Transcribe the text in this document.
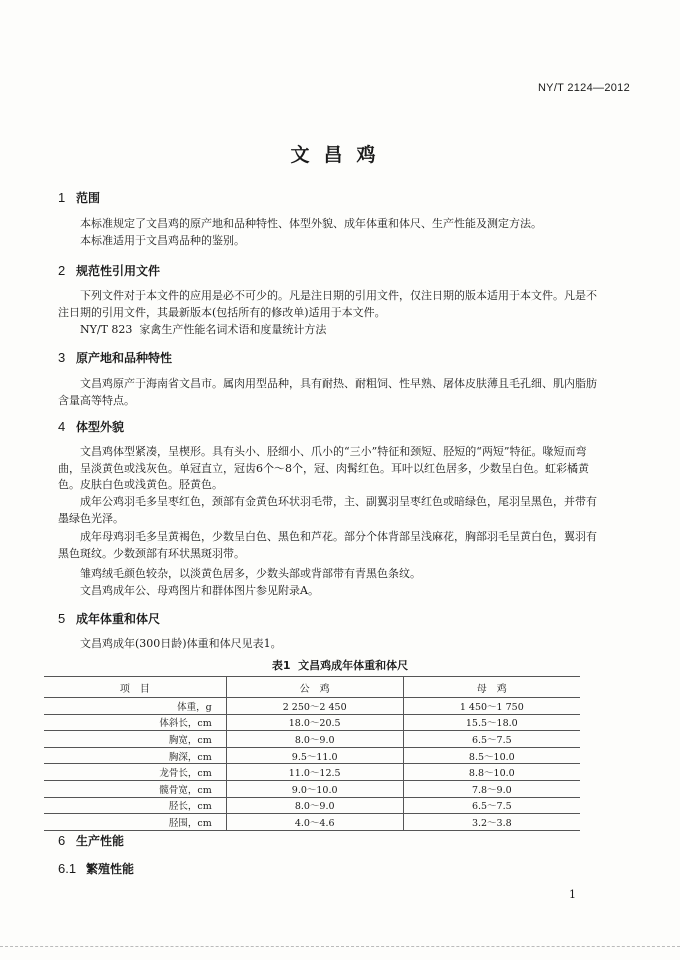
NY/T 2124—2012
文昌鸡
1 范围
本标准规定了文昌鸡的原产地和品种特性、体型外貌、成年体重和体尺、生产性能及测定方法。
本标准适用于文昌鸡品种的鉴别。
2 规范性引用文件
下列文件对于本文件的应用是必不可少的。凡是注日期的引用文件，仅注日期的版本适用于本文件。凡是不注日期的引用文件，其最新版本(包括所有的修改单)适用于本文件。
NY/T 823 家禽生产性能名词术语和度量统计方法
3 原产地和品种特性
文昌鸡原产于海南省文昌市。属肉用型品种，具有耐热、耐粗饲、性早熟、屠体皮肤薄且毛孔细、肌内脂肪含量高等特点。
4 体型外貌
文昌鸡体型紧凑，呈楔形。具有头小、胫细小、爪小的“三小”特征和颈短、胫短的“两短”特征。喙短而弯曲，呈淡黄色或浅灰色。单冠直立，冠齿6个～8个，冠、肉髯红色。耳叶以红色居多，少数呈白色。虹彩橘黄色。皮肤白色或浅黄色。胫黄色。
成年公鸡羽毛多呈枣红色，颈部有金黄色环状羽毛带，主、副翼羽呈枣红色或暗绿色，尾羽呈黑色，并带有墨绿色光泽。
成年母鸡羽毛多呈黄褐色，少数呈白色、黑色和芦花。部分个体背部呈浅麻花，胸部羽毛呈黄白色，翼羽有黑色斑纹。少数颈部有环状黑斑羽带。
雏鸡绒毛颜色较杂，以淡黄色居多，少数头部或背部带有青黑色条纹。
文昌鸡成年公、母鸡图片和群体图片参见附录A。
5 成年体重和体尺
文昌鸡成年(300日龄)体重和体尺见表1。
表1 文昌鸡成年体重和体尺
项　目	公　鸡	母　鸡
体重，g	2 250～2 450	1 450～1 750
体斜长，cm	18.0～20.5	15.5～18.0
胸宽，cm	8.0～9.0	6.5～7.5
胸深，cm	9.5～11.0	8.5～10.0
龙骨长，cm	11.0～12.5	8.8～10.0
髋骨宽，cm	9.0～10.0	7.8～9.0
胫长，cm	8.0～9.0	6.5～7.5
胫围，cm	4.0～4.6	3.2～3.8
6 生产性能
6.1 繁殖性能
1
